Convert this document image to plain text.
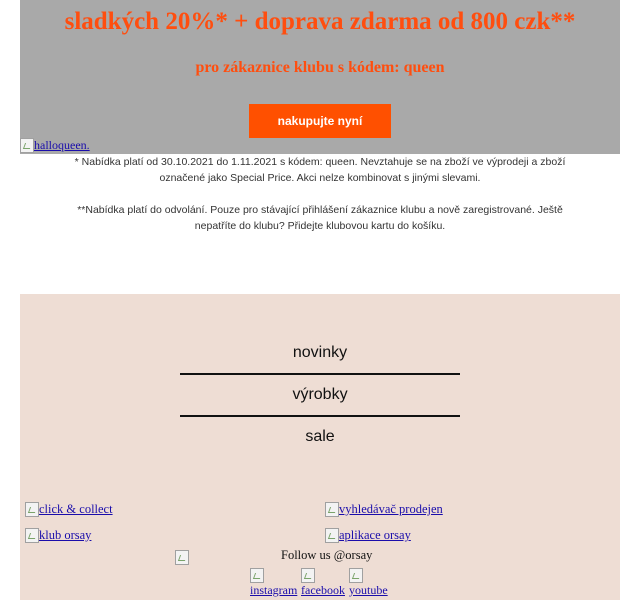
sladkých 20%* + doprava zdarma od 800 czk**
pro zákaznice klubu s kódem: queen
nakupujte nyní
halloqueen.
* Nabídka platí od 30.10.2021 do 1.11.2021 s kódem: queen. Nevztahuje se na zboží ve výprodeji a zboží označené jako Special Price. Akci nelze kombinovat s jinými slevami.
**Nabídka platí do odvolání. Pouze pro stávající přihlášení zákaznice klubu a nově zaregistrované. Ještě nepatříte do klubu? Přidejte klubovou kartu do košíku.
novinky
výrobky
sale
click & collect	vyhledávač prodejen
klub orsay	aplikace orsay
Follow us @orsay
instagram facebook youtube
